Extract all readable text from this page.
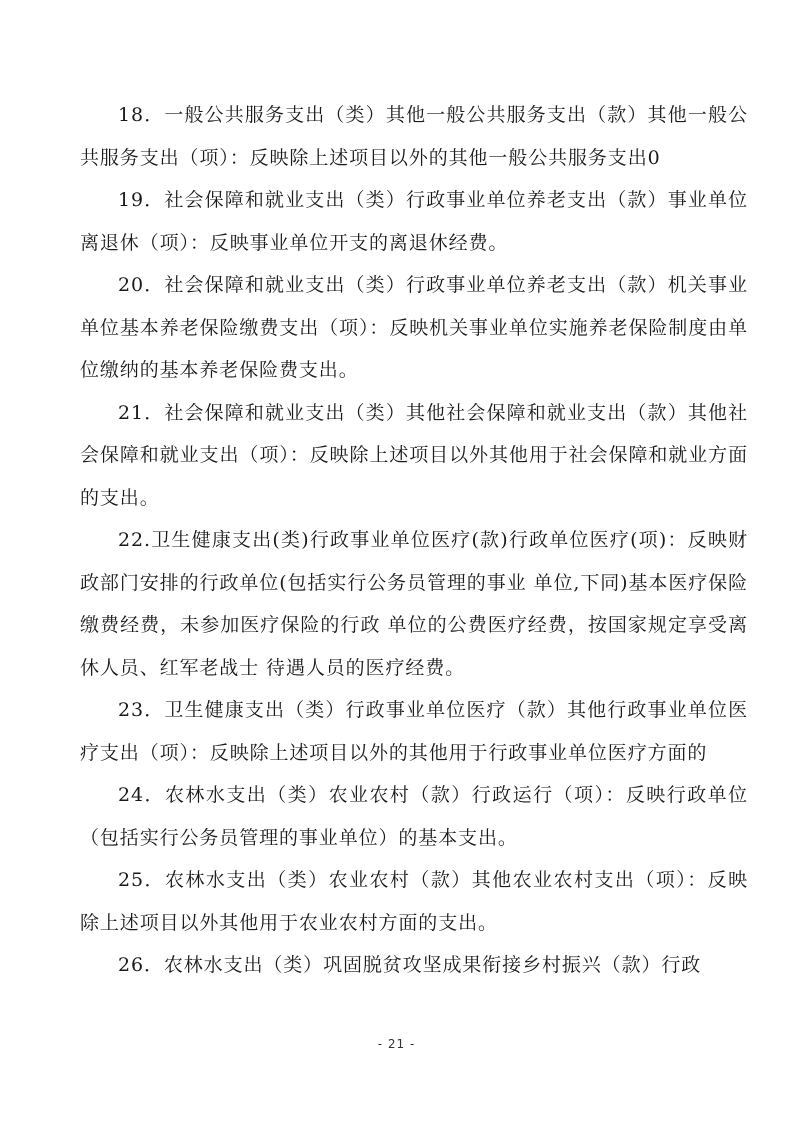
18．一般公共服务支出（类）其他一般公共服务支出（款）其他一般公共服务支出（项）：反映除上述项目以外的其他一般公共服务支出0

19．社会保障和就业支出（类）行政事业单位养老支出（款）事业单位离退休（项）：反映事业单位开支的离退休经费。

20．社会保障和就业支出（类）行政事业单位养老支出（款）机关事业单位基本养老保险缴费支出（项）：反映机关事业单位实施养老保险制度由单位缴纳的基本养老保险费支出。

21．社会保障和就业支出（类）其他社会保障和就业支出（款）其他社会保障和就业支出（项）：反映除上述项目以外其他用于社会保障和就业方面的支出。

22.卫生健康支出(类)行政事业单位医疗(款)行政单位医疗(项)：反映财政部门安排的行政单位(包括实行公务员管理的事业 单位,下同)基本医疗保险缴费经费，未参加医疗保险的行政 单位的公费医疗经费，按国家规定享受离休人员、红军老战士 待遇人员的医疗经费。

23．卫生健康支出（类）行政事业单位医疗（款）其他行政事业单位医疗支出（项）：反映除上述项目以外的其他用于行政事业单位医疗方面的

24．农林水支出（类）农业农村（款）行政运行（项）：反映行政单位（包括实行公务员管理的事业单位）的基本支出。

25．农林水支出（类）农业农村（款）其他农业农村支出（项）：反映除上述项目以外其他用于农业农村方面的支出。

26．农林水支出（类）巩固脱贫攻坚成果衔接乡村振兴（款）行政

- 21 -
